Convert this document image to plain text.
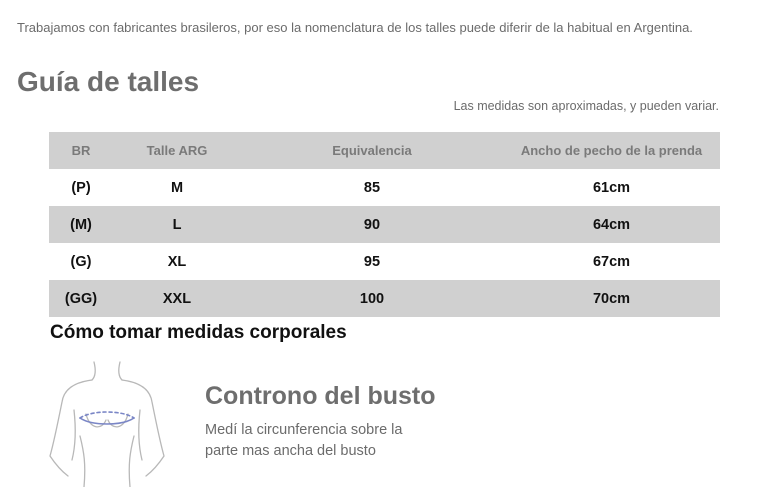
Trabajamos con fabricantes brasileros, por eso la nomenclatura de los talles puede diferir de la habitual en Argentina.
Guía de talles
Las medidas son aproximadas, y pueden variar.
BR	Talle ARG	Equivalencia	Ancho de pecho de la prenda
(P)	M	85	61cm
(M)	L	90	64cm
(G)	XL	95	67cm
(GG)	XXL	100	70cm
Cómo tomar medidas corporales
Controno del busto
Medí la circunferencia sobre la parte mas ancha del busto
